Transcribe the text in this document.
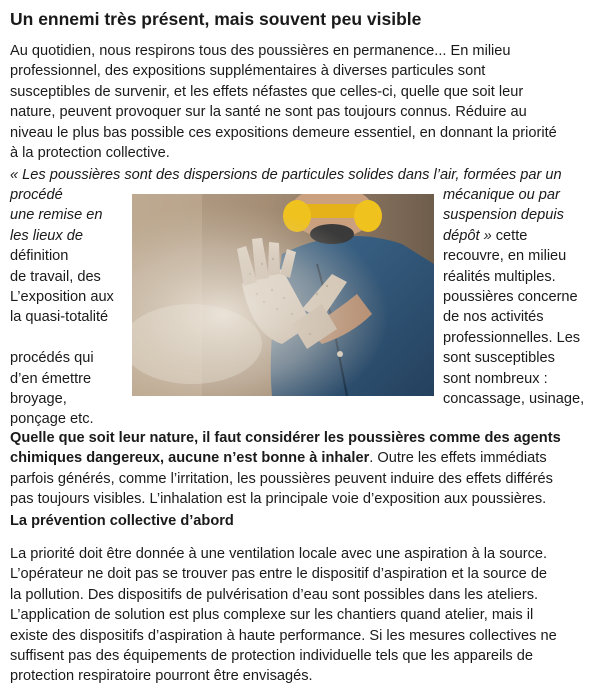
Un ennemi très présent, mais souvent peu visible

Au quotidien, nous respirons tous des poussières en permanence... En milieu
professionnel, des expositions supplémentaires à diverses particules sont
susceptibles de survenir, et les effets néfastes que celles-ci, quelle que soit leur
nature, peuvent provoquer sur la santé ne sont pas toujours connus. Réduire au
niveau le plus bas possible ces expositions demeure essentiel, en donnant la priorité
à la protection collective.

« Les poussières sont des dispersions de particules solides dans l’air, formées par un

procédé
une remise en
les lieux de
définition
de travail, des
L’exposition aux
la quasi-totalité

procédés qui
d’en émettre
broyage,
ponçage etc.
mécanique ou par
suspension depuis
dépôt » cette
recouvre, en milieu
réalités multiples.
poussières concerne
de nos activités
professionnelles. Les
sont susceptibles
sont nombreux :
concassage, usinage,

Quelle que soit leur nature, il faut considérer les poussières comme des agents
chimiques dangereux, aucune n’est bonne à inhaler. Outre les effets immédiats
parfois générés, comme l’irritation, les poussières peuvent induire des effets différés
pas toujours visibles. L’inhalation est la principale voie d’exposition aux poussières.

La prévention collective d’abord

La priorité doit être donnée à une ventilation locale avec une aspiration à la source.
L’opérateur ne doit pas se trouver pas entre le dispositif d’aspiration et la source de
la pollution. Des dispositifs de pulvérisation d’eau sont possibles dans les ateliers.
L’application de solution est plus complexe sur les chantiers quand atelier, mais il
existe des dispositifs d’aspiration à haute performance. Si les mesures collectives ne
suffisent pas des équipements de protection individuelle tels que les appareils de
protection respiratoire pourront être envisagés.
